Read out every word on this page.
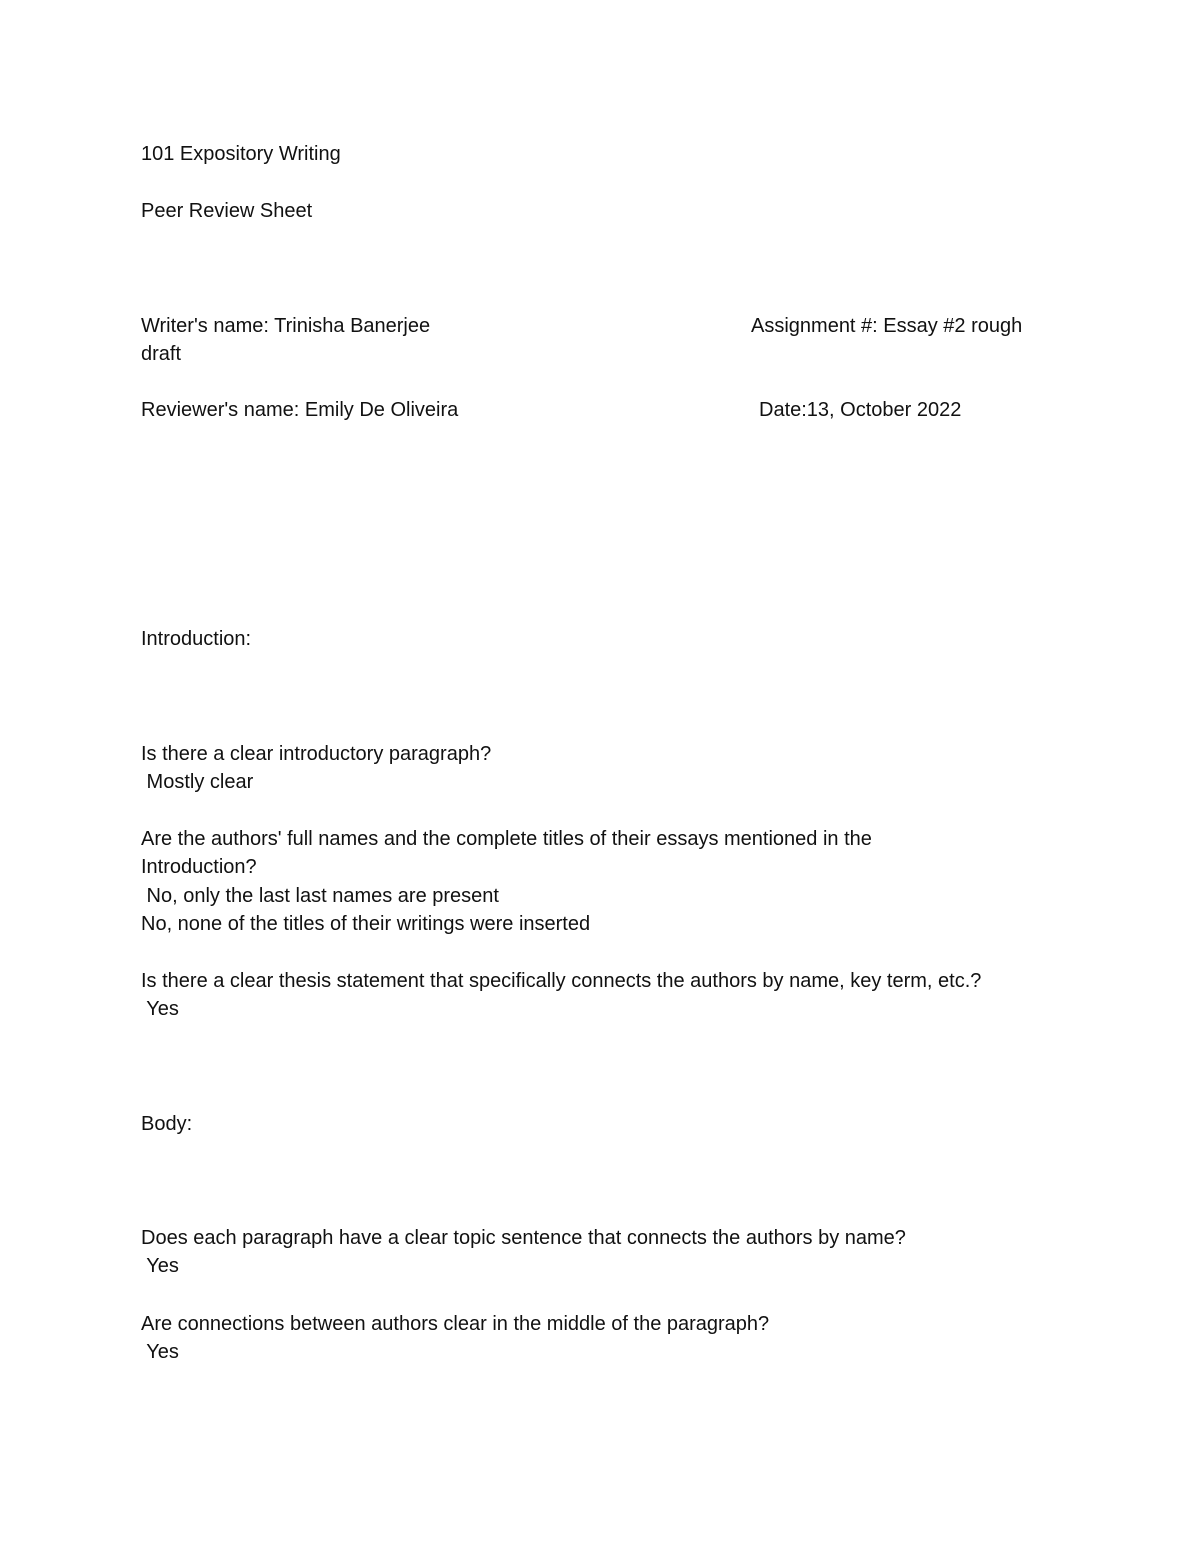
101 Expository Writing
Peer Review Sheet
Writer's name: Trinisha Banerjee	Assignment #: Essay #2 rough
draft
Reviewer's name: Emily De Oliveira	Date:13, October 2022
Introduction:
Is there a clear introductory paragraph?
Mostly clear
Are the authors' full names and the complete titles of their essays mentioned in the
Introduction?
No, only the last last names are present
No, none of the titles of their writings were inserted
Is there a clear thesis statement that specifically connects the authors by name, key term, etc.?
Yes
Body:
Does each paragraph have a clear topic sentence that connects the authors by name?
Yes
Are connections between authors clear in the middle of the paragraph?
Yes
